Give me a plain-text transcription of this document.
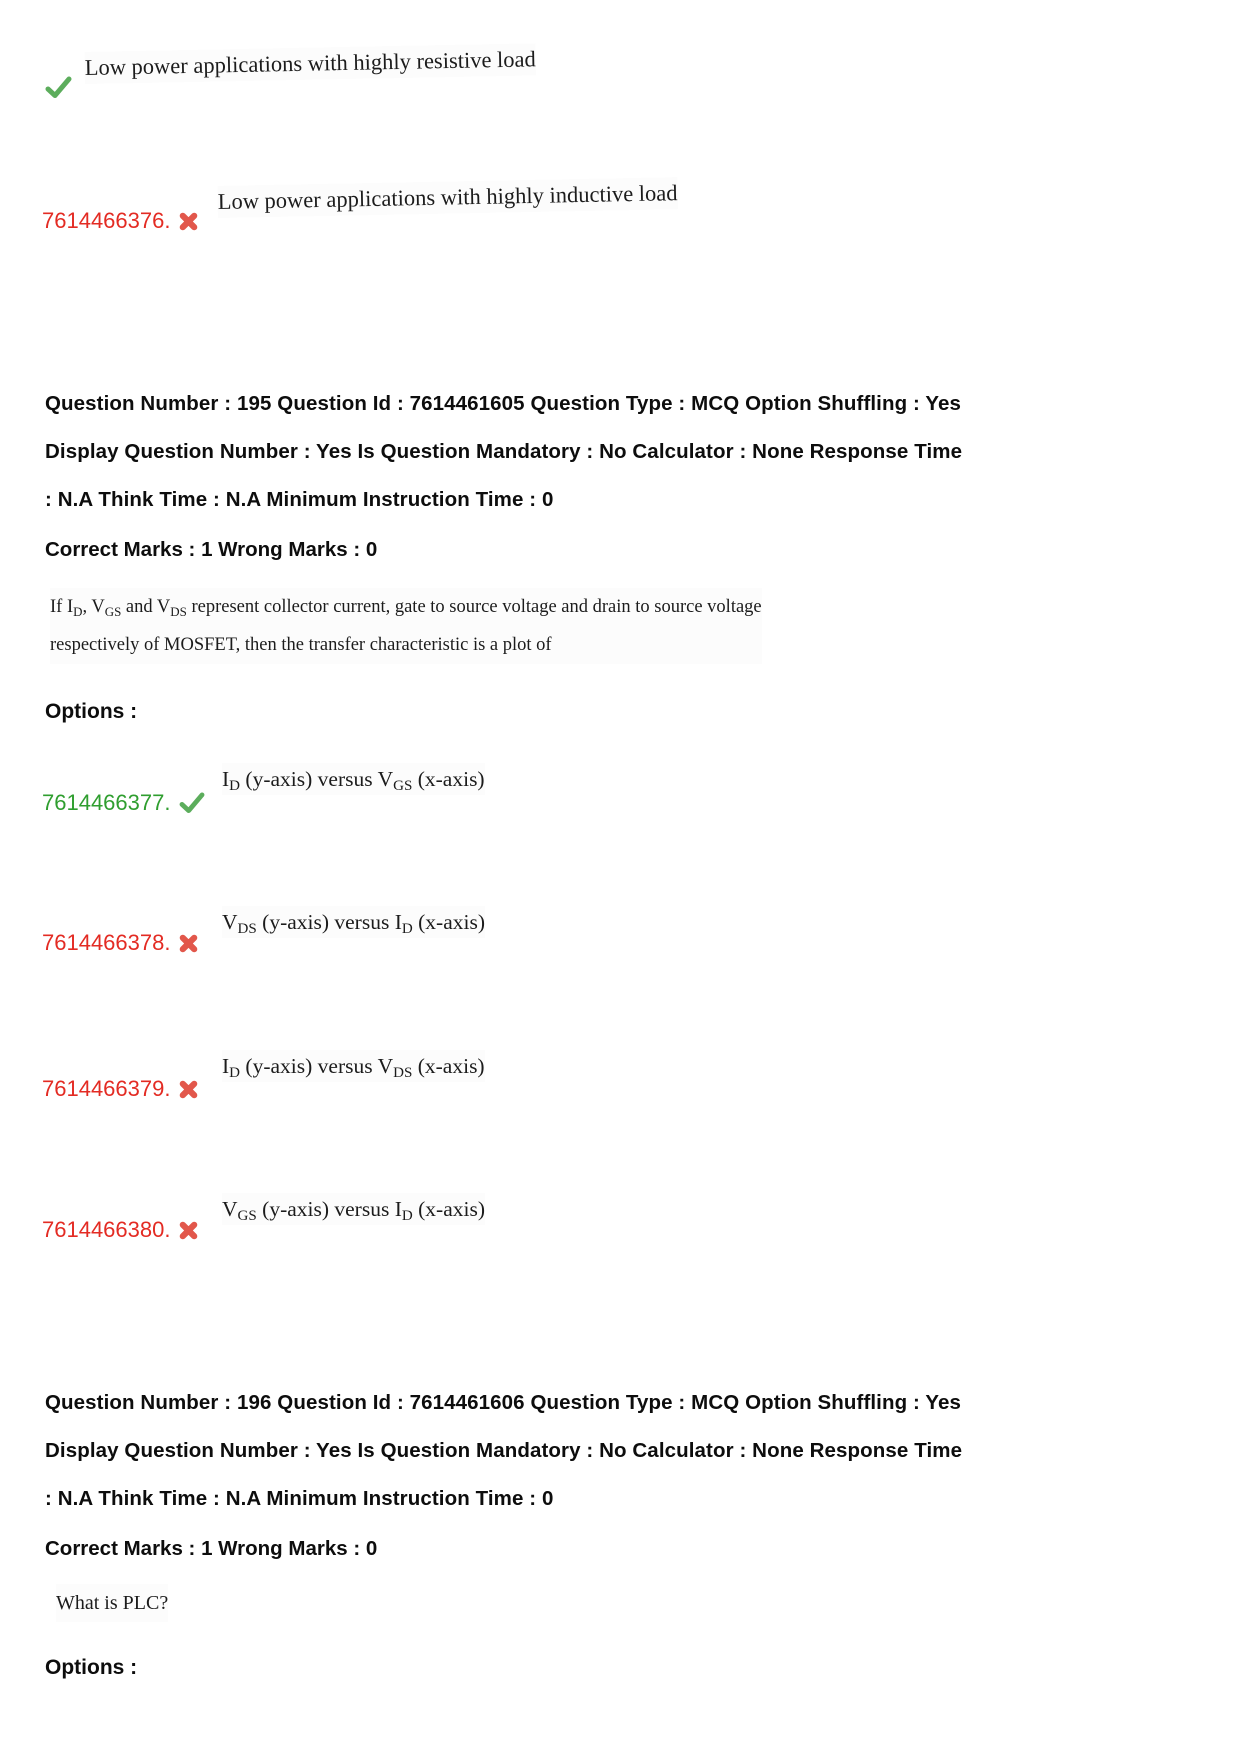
Low power applications with highly resistive load
Low power applications with highly inductive load
7614466376.
Question Number : 195 Question Id : 7614461605 Question Type : MCQ Option Shuffling : Yes
Display Question Number : Yes Is Question Mandatory : No Calculator : None Response Time
: N.A Think Time : N.A Minimum Instruction Time : 0
Correct Marks : 1 Wrong Marks : 0
If $I_D$, $V_{GS}$ and $V_{DS}$ represent collector current, gate to source voltage and drain to source voltage
respectively of MOSFET, then the transfer characteristic is a plot of
Options :
$I_D$ (y-axis) versus $V_{GS}$ (x-axis)
7614466377.
$V_{DS}$ (y-axis) versus $I_D$ (x-axis)
7614466378.
$I_D$ (y-axis) versus $V_{DS}$ (x-axis)
7614466379.
$V_{GS}$ (y-axis) versus $I_D$ (x-axis)
7614466380.
Question Number : 196 Question Id : 7614461606 Question Type : MCQ Option Shuffling : Yes
Display Question Number : Yes Is Question Mandatory : No Calculator : None Response Time
: N.A Think Time : N.A Minimum Instruction Time : 0
Correct Marks : 1 Wrong Marks : 0
What is PLC?
Options :
